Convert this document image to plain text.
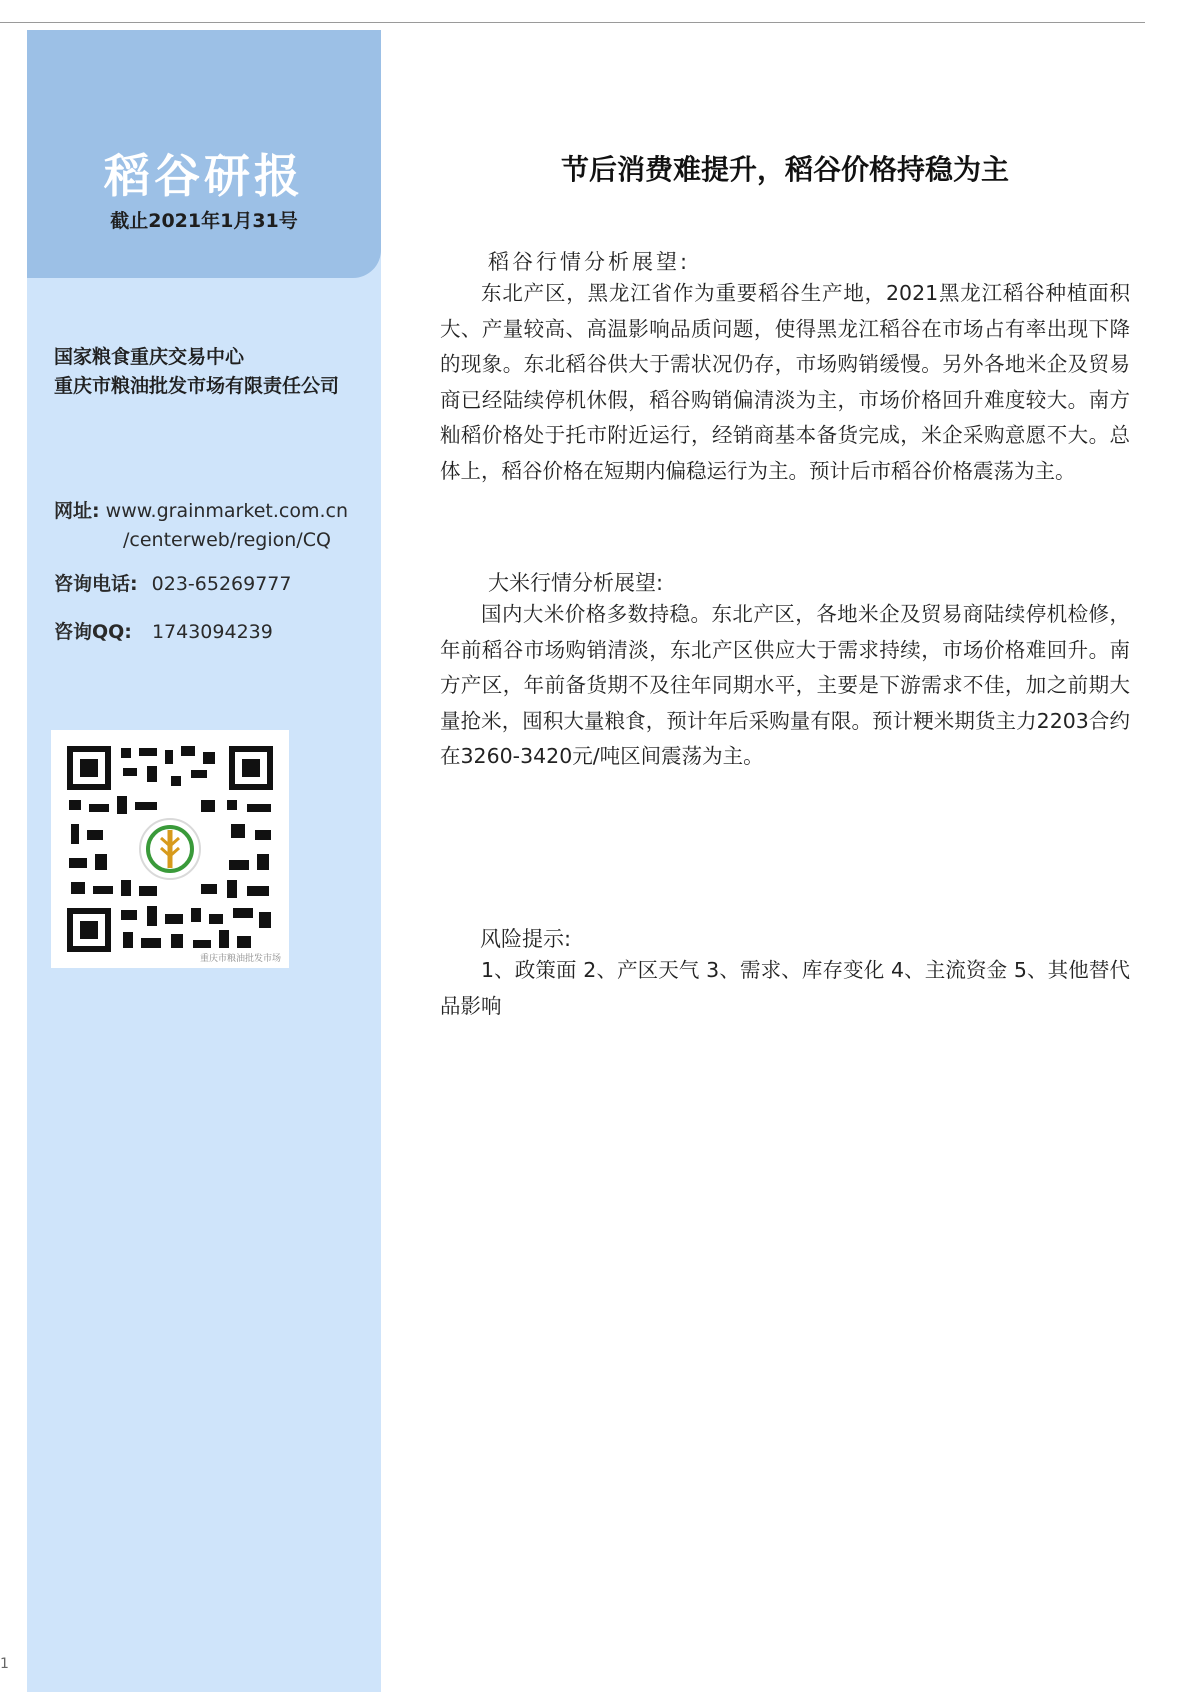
稻谷研报
截止2021年1月31号
国家粮食重庆交易中心
重庆市粮油批发市场有限责任公司
网址: www.grainmarket.com.cn
/centerweb/region/CQ
咨询电话: 023-65269777
咨询QQ: 1743094239
重庆市粮油批发市场
1
节后消费难提升，稻谷价格持稳为主
稻谷行情分析展望:
东北产区，黑龙江省作为重要稻谷生产地，2021黑龙江稻谷种植面积大、产量较高、高温影响品质问题，使得黑龙江稻谷在市场占有率出现下降的现象。东北稻谷供大于需状况仍存，市场购销缓慢。另外各地米企及贸易商已经陆续停机休假，稻谷购销偏清淡为主，市场价格回升难度较大。南方籼稻价格处于托市附近运行，经销商基本备货完成，米企采购意愿不大。总体上，稻谷价格在短期内偏稳运行为主。预计后市稻谷价格震荡为主。
大米行情分析展望:
国内大米价格多数持稳。东北产区，各地米企及贸易商陆续停机检修，年前稻谷市场购销清淡，东北产区供应大于需求持续，市场价格难回升。南方产区，年前备货期不及往年同期水平，主要是下游需求不佳，加之前期大量抢米，囤积大量粮食，预计年后采购量有限。预计粳米期货主力2203合约在3260-3420元/吨区间震荡为主。
风险提示:
1、政策面 2、产区天气 3、需求、库存变化 4、主流资金 5、其他替代品影响
